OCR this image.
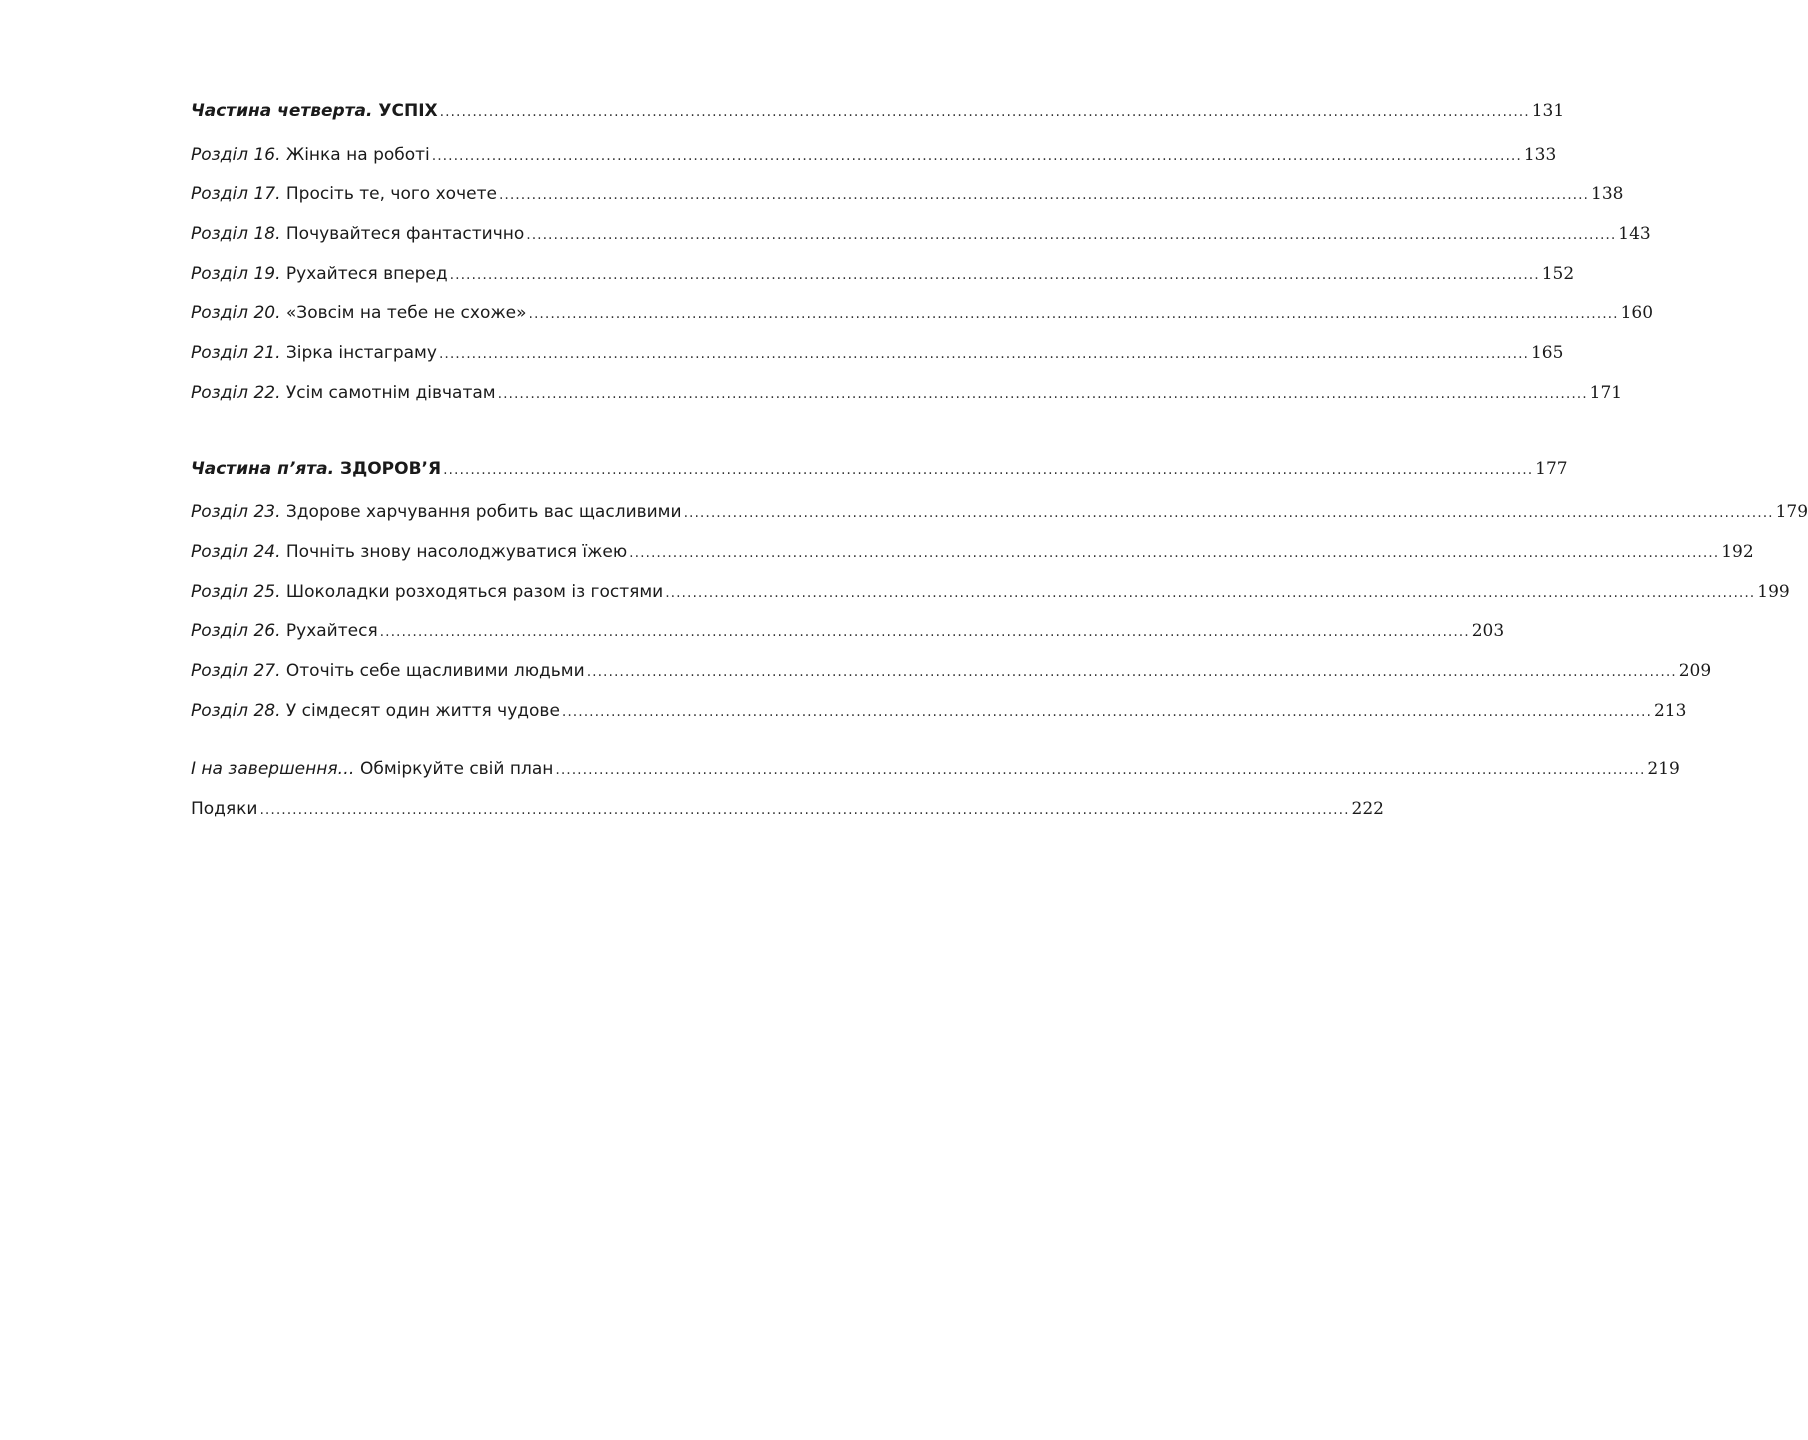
Частина четверта. УСПІХ ........................................................................................................................................................................................................ 131
Розділ 16. Жінка на роботі ........................................................................................................................................................................................................ 133
Розділ 17. Просіть те, чого хочете ........................................................................................................................................................................................................ 138
Розділ 18. Почувайтеся фантастично ........................................................................................................................................................................................................ 143
Розділ 19. Рухайтеся вперед ........................................................................................................................................................................................................ 152
Розділ 20. «Зовсім на тебе не схоже» ........................................................................................................................................................................................................ 160
Розділ 21. Зірка інстаграму ........................................................................................................................................................................................................ 165
Розділ 22. Усім самотнім дівчатам ........................................................................................................................................................................................................ 171
Частина п’ята. ЗДОРОВ’Я ........................................................................................................................................................................................................ 177
Розділ 23. Здорове харчування робить вас щасливими ........................................................................................................................................................................................................ 179
Розділ 24. Почніть знову насолоджуватися їжею ........................................................................................................................................................................................................ 192
Розділ 25. Шоколадки розходяться разом із гостями ........................................................................................................................................................................................................ 199
Розділ 26. Рухайтеся ........................................................................................................................................................................................................ 203
Розділ 27. Оточіть себе щасливими людьми ........................................................................................................................................................................................................ 209
Розділ 28. У сімдесят один життя чудове ........................................................................................................................................................................................................ 213
І на завершення… Обміркуйте свій план ........................................................................................................................................................................................................ 219
Подяки ........................................................................................................................................................................................................ 222
